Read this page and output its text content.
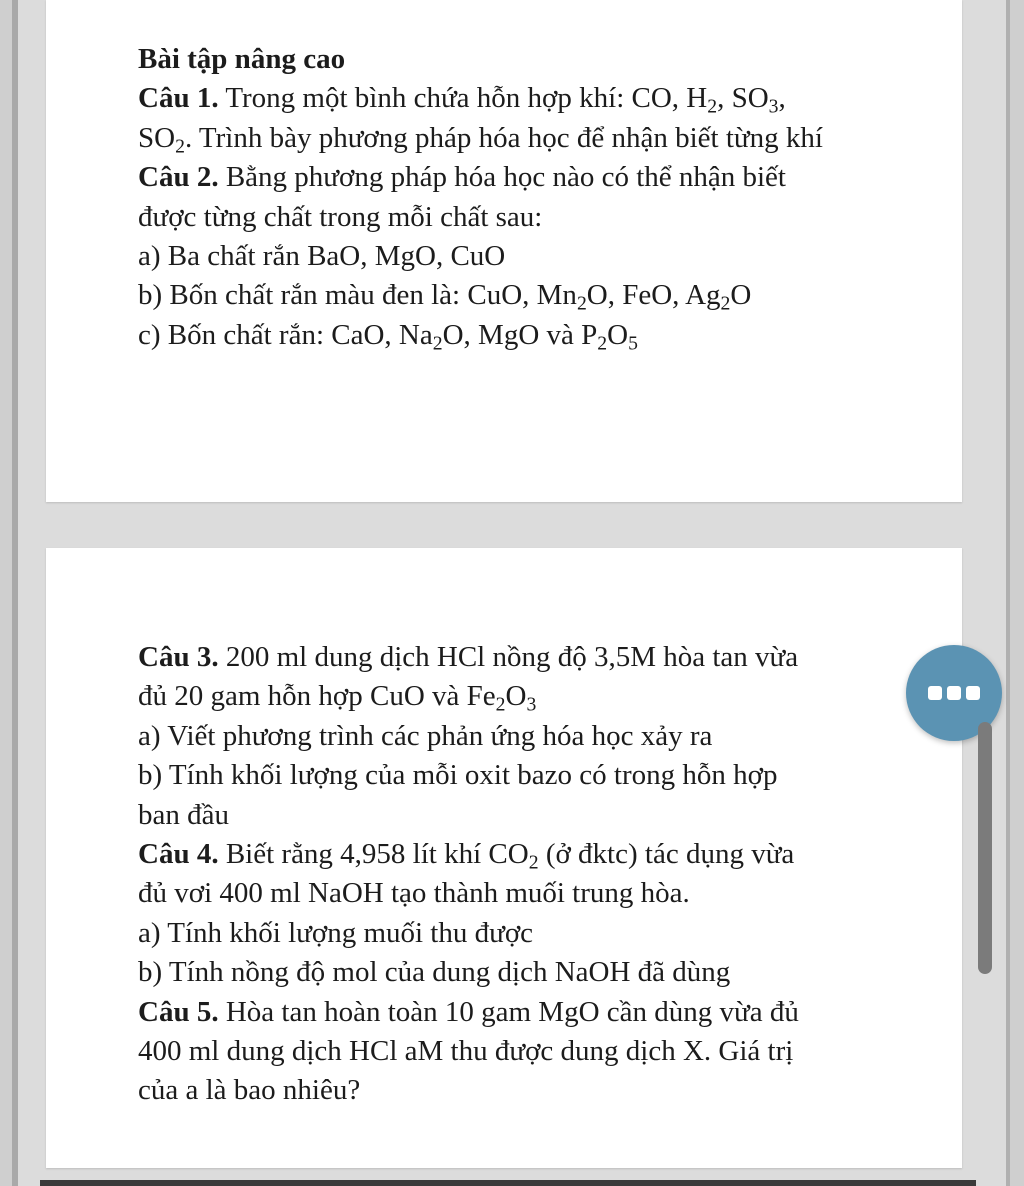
Bài tập nâng cao
Câu 1. Trong một bình chứa hỗn hợp khí: CO, $H_2$, $SO_3$,
$SO_2$. Trình bày phương pháp hóa học để nhận biết từng khí
Câu 2. Bằng phương pháp hóa học nào có thể nhận biết
được từng chất trong mỗi chất sau:
a) Ba chất rắn BaO, MgO, CuO
b) Bốn chất rắn màu đen là: CuO, $Mn_2O$, FeO, $Ag_2O$
c) Bốn chất rắn: CaO, $Na_2O$, MgO và $P_2O_5$
Câu 3. 200 ml dung dịch HCl nồng độ 3,5M hòa tan vừa
đủ 20 gam hỗn hợp CuO và $Fe_2O_3$
a) Viết phương trình các phản ứng hóa học xảy ra
b) Tính khối lượng của mỗi oxit bazo có trong hỗn hợp
ban đầu
Câu 4. Biết rằng 4,958 lít khí $CO_2$ (ở đktc) tác dụng vừa
đủ vơi 400 ml NaOH tạo thành muối trung hòa.
a) Tính khối lượng muối thu được
b) Tính nồng độ mol của dung dịch NaOH đã dùng
Câu 5. Hòa tan hoàn toàn 10 gam MgO cần dùng vừa đủ
400 ml dung dịch HCl aM thu được dung dịch X. Giá trị
của a là bao nhiêu?
